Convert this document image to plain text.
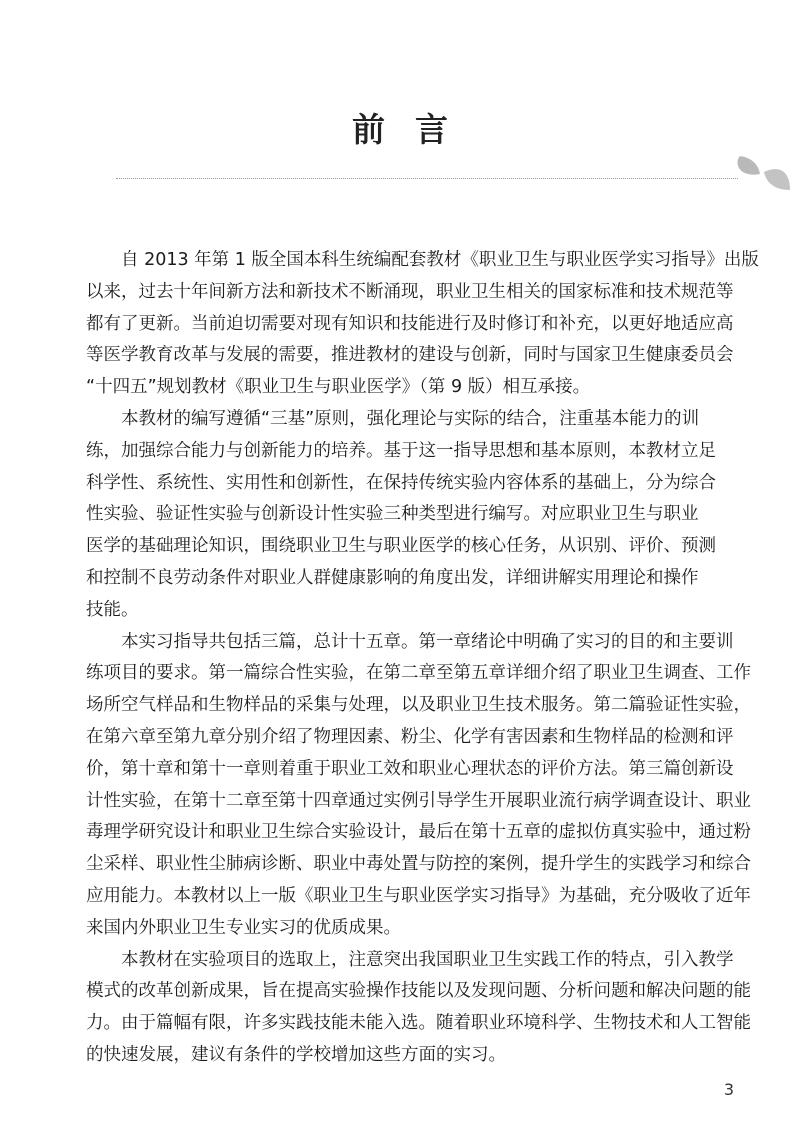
前言

自 2013 年第 1 版全国本科生统编配套教材《职业卫生与职业医学实习指导》出版
以来，过去十年间新方法和新技术不断涌现，职业卫生相关的国家标准和技术规范等
都有了更新。当前迫切需要对现有知识和技能进行及时修订和补充，以更好地适应高
等医学教育改革与发展的需要，推进教材的建设与创新，同时与国家卫生健康委员会
“十四五”规划教材《职业卫生与职业医学》（第 9 版）相互承接。

本教材的编写遵循“三基”原则，强化理论与实际的结合，注重基本能力的训
练，加强综合能力与创新能力的培养。基于这一指导思想和基本原则，本教材立足
科学性、系统性、实用性和创新性，在保持传统实验内容体系的基础上，分为综合
性实验、验证性实验与创新设计性实验三种类型进行编写。对应职业卫生与职业
医学的基础理论知识，围绕职业卫生与职业医学的核心任务，从识别、评价、预测
和控制不良劳动条件对职业人群健康影响的角度出发，详细讲解实用理论和操作
技能。

本实习指导共包括三篇，总计十五章。第一章绪论中明确了实习的目的和主要训
练项目的要求。第一篇综合性实验，在第二章至第五章详细介绍了职业卫生调查、工作
场所空气样品和生物样品的采集与处理，以及职业卫生技术服务。第二篇验证性实验，
在第六章至第九章分别介绍了物理因素、粉尘、化学有害因素和生物样品的检测和评
价，第十章和第十一章则着重于职业工效和职业心理状态的评价方法。第三篇创新设
计性实验，在第十二章至第十四章通过实例引导学生开展职业流行病学调查设计、职业
毒理学研究设计和职业卫生综合实验设计，最后在第十五章的虚拟仿真实验中，通过粉
尘采样、职业性尘肺病诊断、职业中毒处置与防控的案例，提升学生的实践学习和综合
应用能力。本教材以上一版《职业卫生与职业医学实习指导》为基础，充分吸收了近年
来国内外职业卫生专业实习的优质成果。

本教材在实验项目的选取上，注意突出我国职业卫生实践工作的特点，引入教学
模式的改革创新成果，旨在提高实验操作技能以及发现问题、分析问题和解决问题的能
力。由于篇幅有限，许多实践技能未能入选。随着职业环境科学、生物技术和人工智能
的快速发展，建议有条件的学校增加这些方面的实习。

3
